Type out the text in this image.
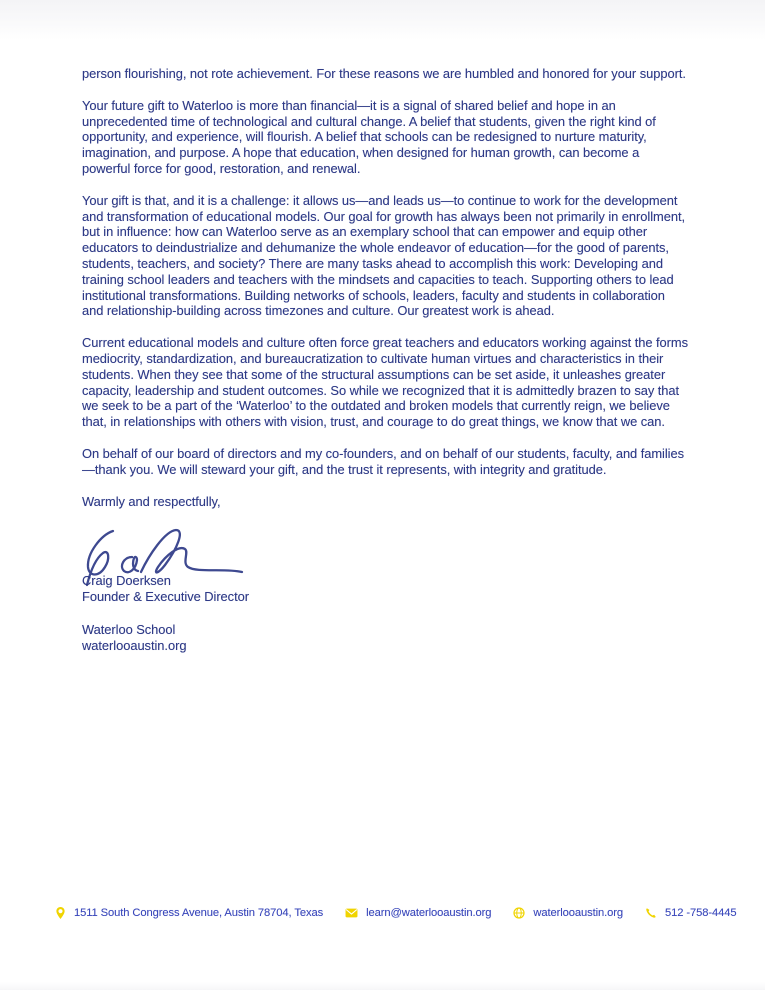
person flourishing, not rote achievement. For these reasons we are humbled and honored for your support.

Your future gift to Waterloo is more than financial—it is a signal of shared belief and hope in an unprecedented time of technological and cultural change. A belief that students, given the right kind of opportunity, and experience, will flourish. A belief that schools can be redesigned to nurture maturity, imagination, and purpose. A hope that education, when designed for human growth, can become a powerful force for good, restoration, and renewal.

Your gift is that, and it is a challenge: it allows us—and leads us—to continue to work for the development and transformation of educational models. Our goal for growth has always been not primarily in enrollment, but in influence: how can Waterloo serve as an exemplary school that can empower and equip other educators to deindustrialize and dehumanize the whole endeavor of education—for the good of parents, students, teachers, and society? There are many tasks ahead to accomplish this work: Developing and training school leaders and teachers with the mindsets and capacities to teach. Supporting others to lead institutional transformations. Building networks of schools, leaders, faculty and students in collaboration and relationship-building across timezones and culture. Our greatest work is ahead.

Current educational models and culture often force great teachers and educators working against the forms mediocrity, standardization, and bureaucratization to cultivate human virtues and characteristics in their students. When they see that some of the structural assumptions can be set aside, it unleashes greater capacity, leadership and student outcomes. So while we recognized that it is admittedly brazen to say that we seek to be a part of the ‘Waterloo’ to the outdated and broken models that currently reign, we believe that, in relationships with others with vision, trust, and courage to do great things, we know that we can.

On behalf of our board of directors and my co-founders, and on behalf of our students, faculty, and families—thank you. We will steward your gift, and the trust it represents, with integrity and gratitude.

Warmly and respectfully,

Craig Doerksen
Founder & Executive Director
Waterloo School
waterlooaustin.org
1511 South Congress Avenue, Austin 78704, Texas	learn@waterlooaustin.org	waterlooaustin.org	512 -758-4445
